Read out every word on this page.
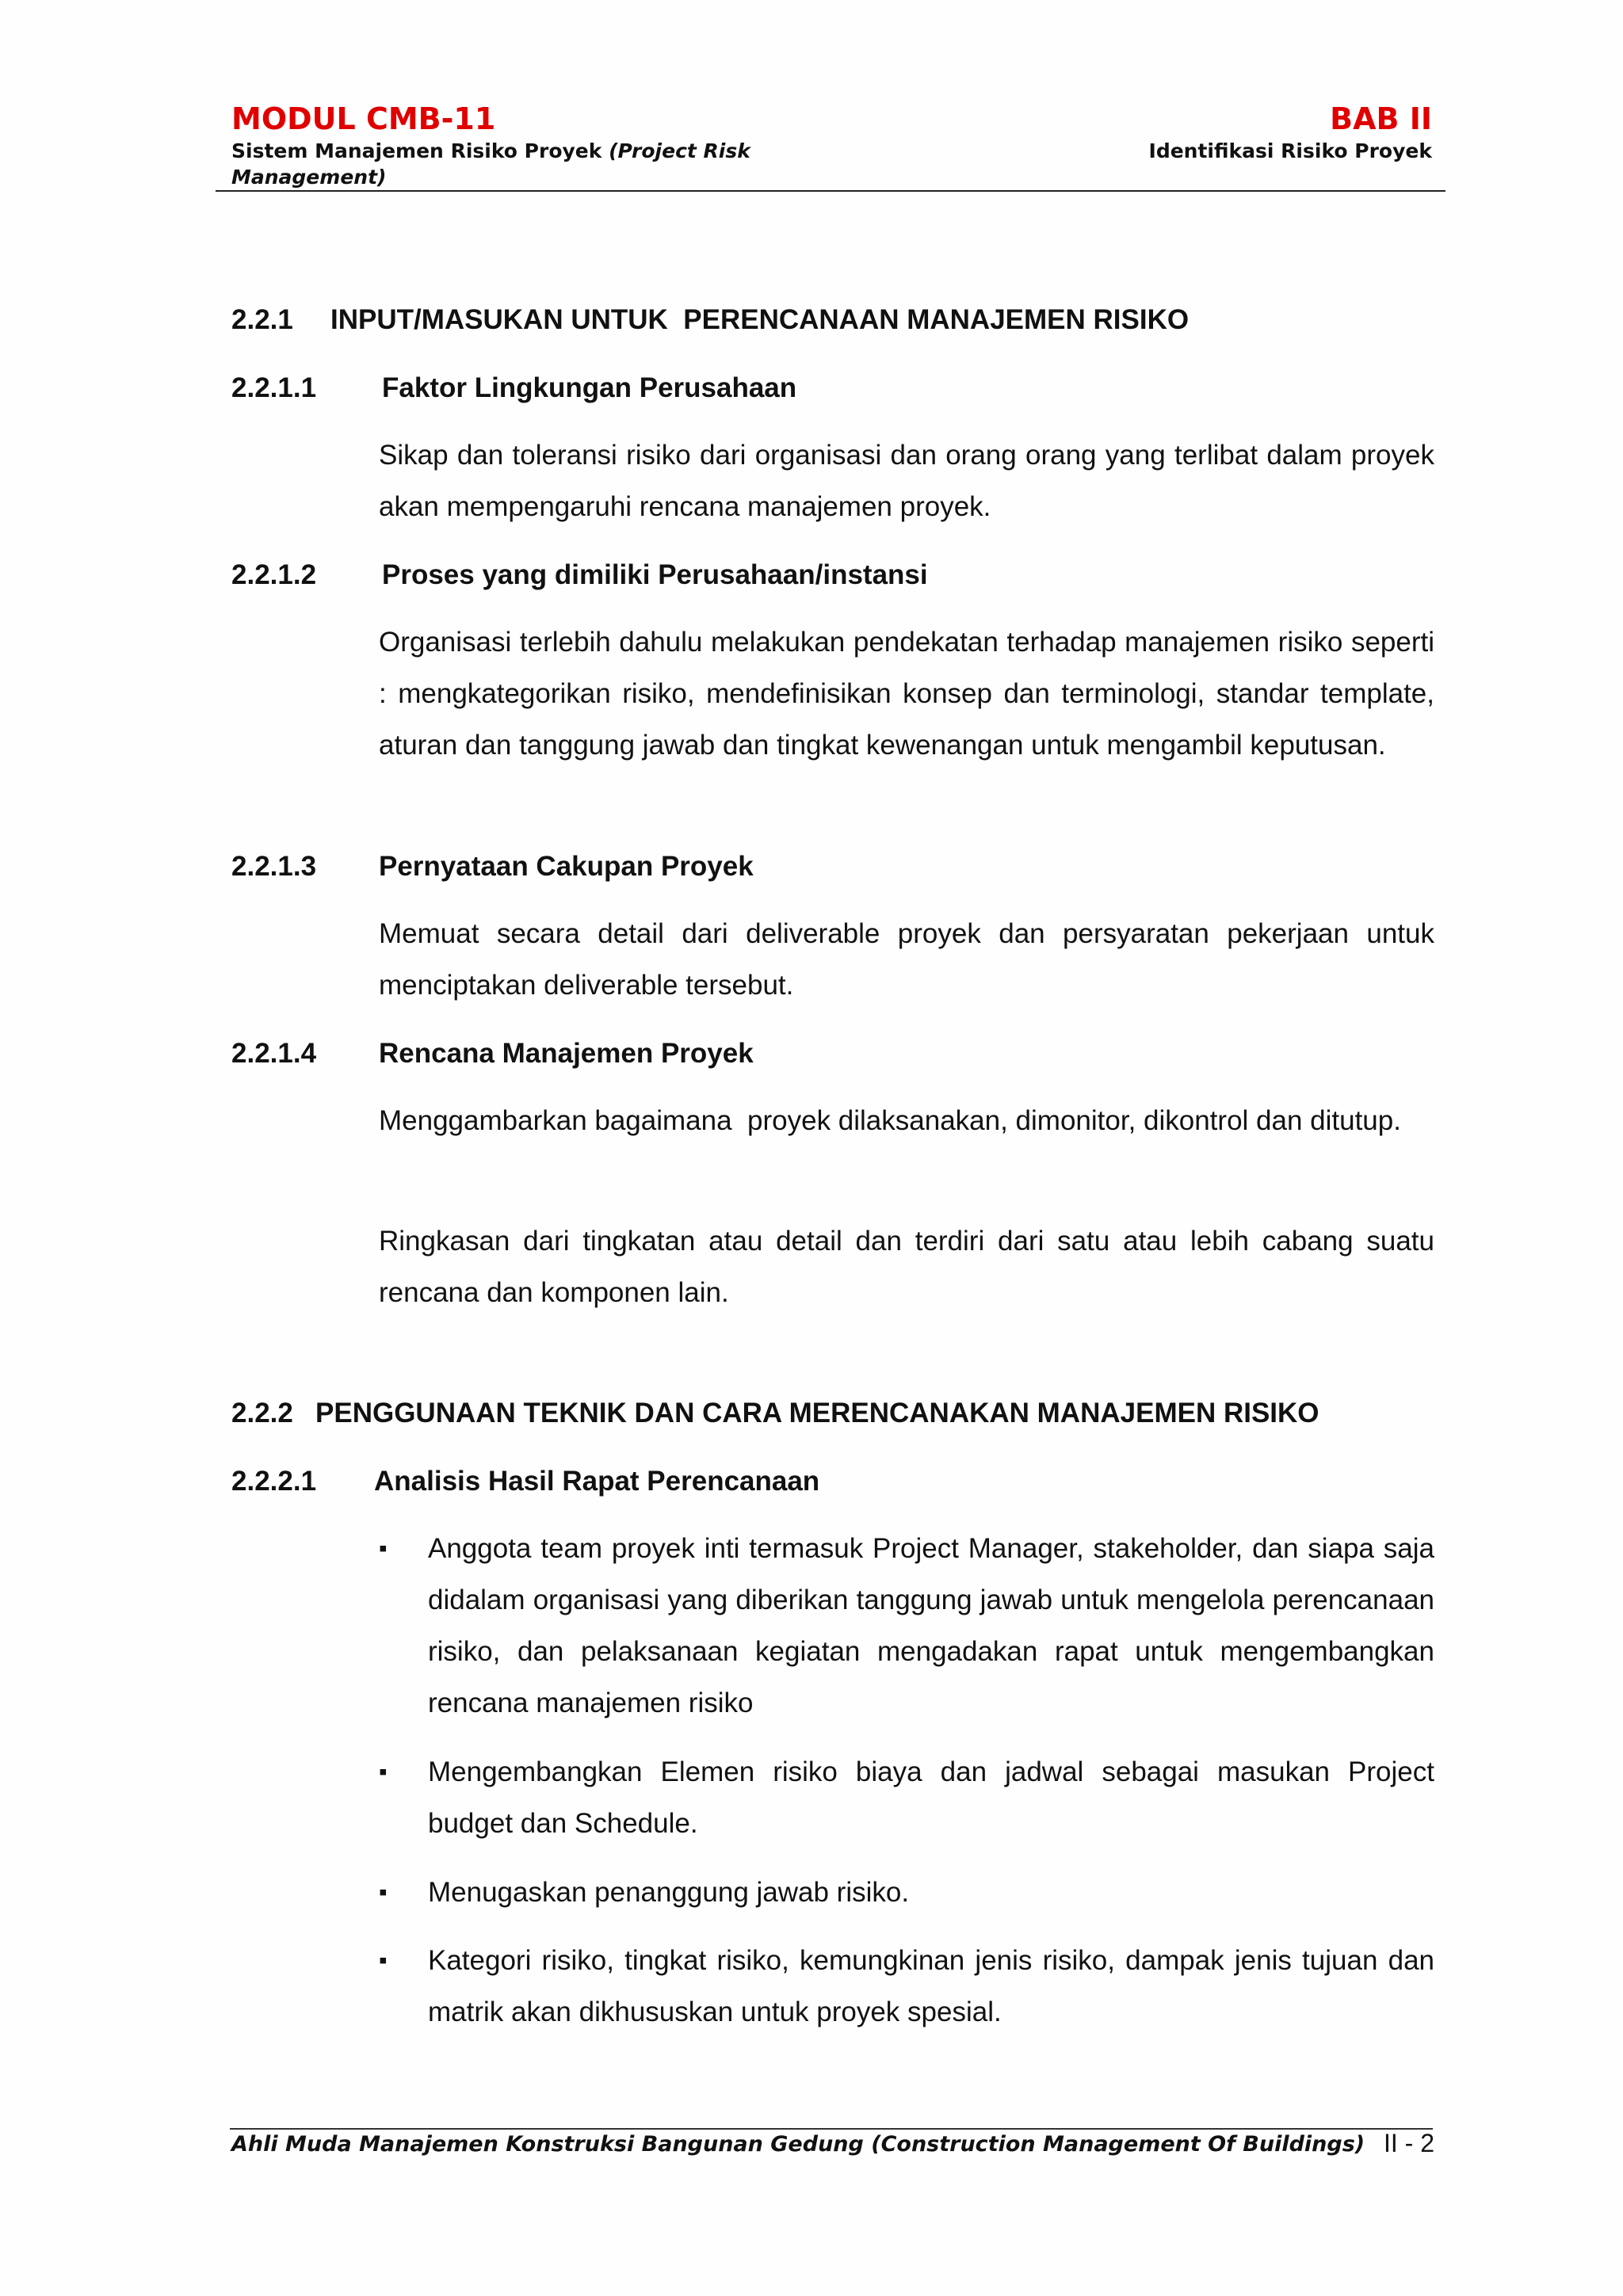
MODUL CMB-11	BAB II
Sistem Manajemen Risiko Proyek (Project Risk
Management)
Identifikasi Risiko Proyek
2.2.1 INPUT/MASUKAN UNTUK  PERENCANAAN MANAJEMEN RISIKO
2.2.1.1 Faktor Lingkungan Perusahaan
Sikap dan toleransi risiko dari organisasi dan orang orang yang terlibat dalam proyek akan mempengaruhi rencana manajemen proyek.
2.2.1.2 Proses yang dimiliki Perusahaan/instansi
Organisasi terlebih dahulu melakukan pendekatan terhadap manajemen risiko seperti : mengkategorikan risiko, mendefinisikan konsep dan terminologi, standar template, aturan dan tanggung jawab dan tingkat kewenangan untuk mengambil keputusan.
2.2.1.3 Pernyataan Cakupan Proyek
Memuat secara detail dari deliverable proyek dan persyaratan pekerjaan untuk menciptakan deliverable tersebut.
2.2.1.4 Rencana Manajemen Proyek
Menggambarkan bagaimana  proyek dilaksanakan, dimonitor, dikontrol dan ditutup.
Ringkasan dari tingkatan atau detail dan terdiri dari satu atau lebih cabang suatu rencana dan komponen lain.
2.2.2 PENGGUNAAN TEKNIK DAN CARA MERENCANAKAN MANAJEMEN RISIKO
2.2.2.1 Analisis Hasil Rapat Perencanaan
▪ Anggota team proyek inti termasuk Project Manager, stakeholder, dan siapa saja didalam organisasi yang diberikan tanggung jawab untuk mengelola perencanaan risiko, dan pelaksanaan kegiatan mengadakan rapat untuk mengembangkan rencana manajemen risiko
▪ Mengembangkan Elemen risiko biaya dan jadwal sebagai masukan Project budget dan Schedule.
▪ Menugaskan penanggung jawab risiko.
▪ Kategori risiko, tingkat risiko, kemungkinan jenis risiko, dampak jenis tujuan dan matrik akan dikhususkan untuk proyek spesial.
Ahli Muda Manajemen Konstruksi Bangunan Gedung (Construction Management Of Buildings) II - 2
